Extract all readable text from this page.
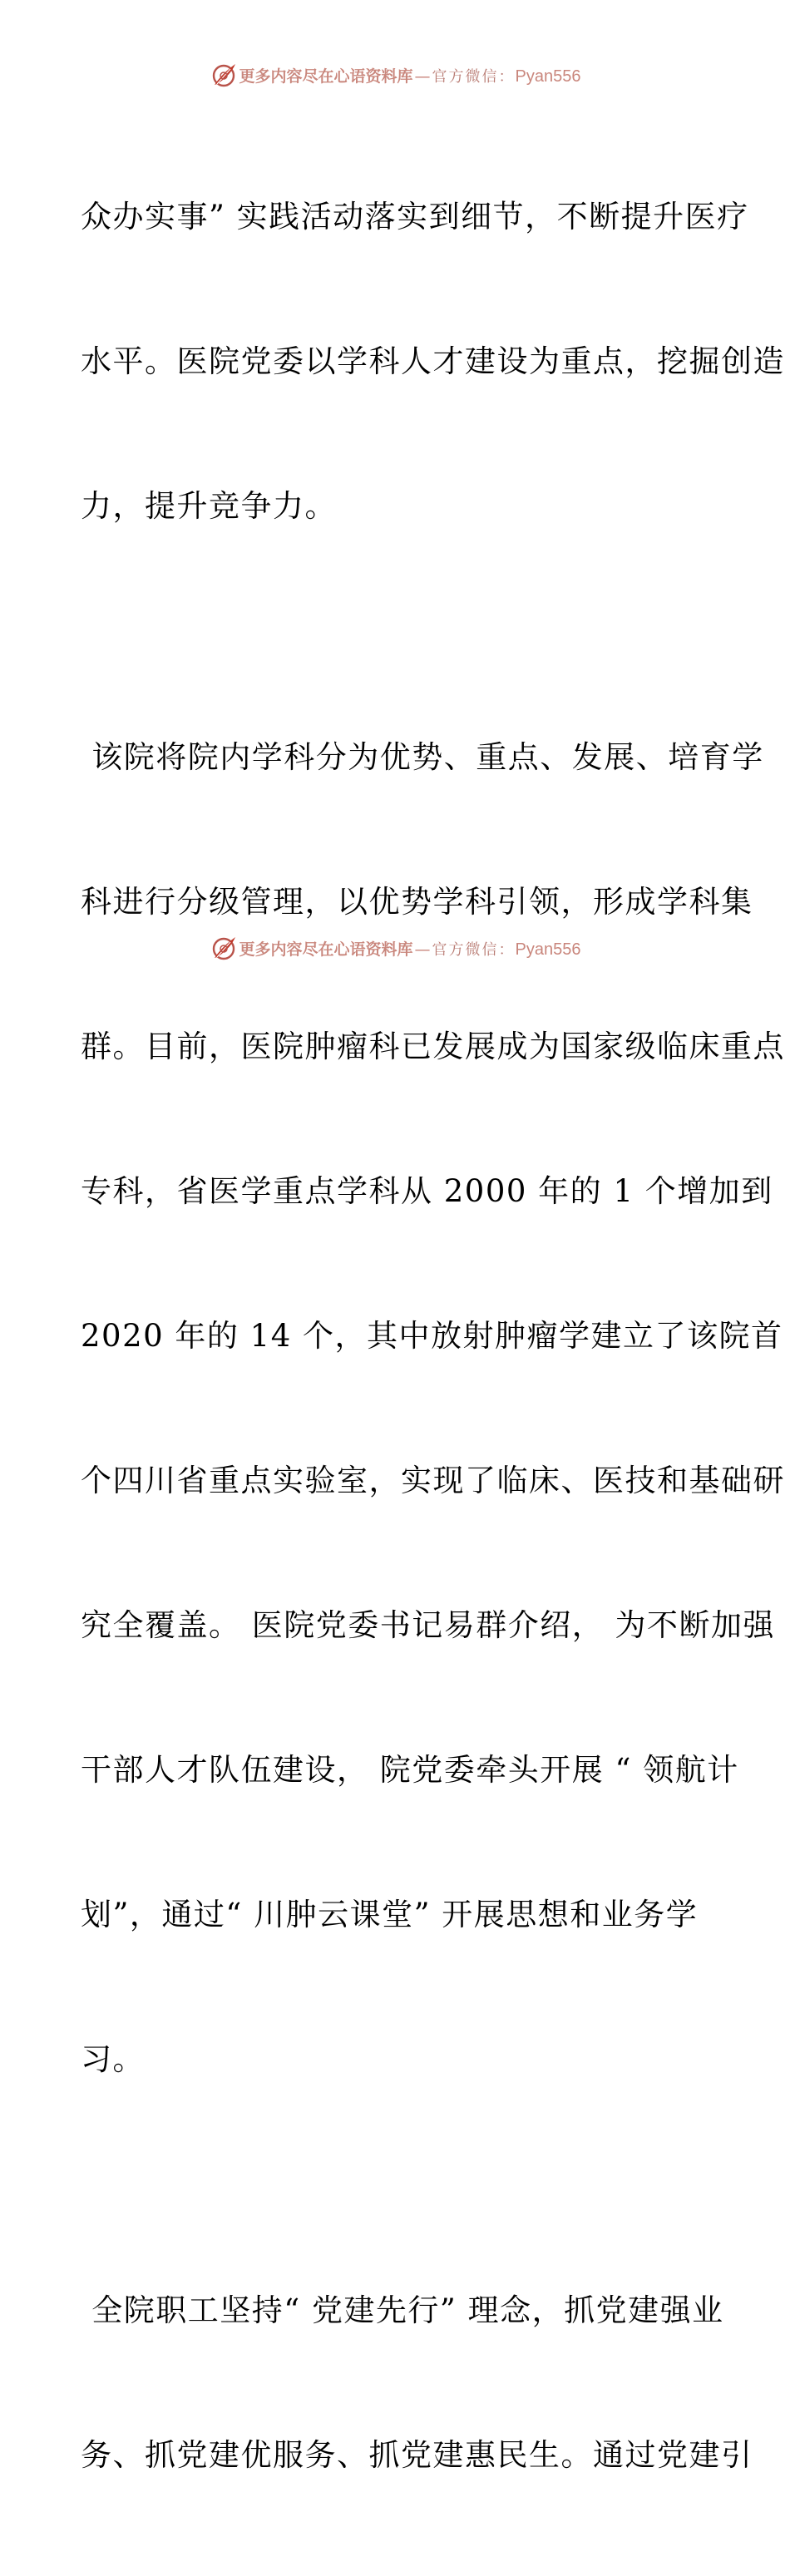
更多内容尽在心语资料库 — 官方微信： Pyan556

众办实事” 实践活动落实到细节，不断提升医疗

水平。医院党委以学科人才建设为重点，挖掘创造

力，提升竞争力。

该院将院内学科分为优势、重点、发展、培育学

科进行分级管理，以优势学科引领，形成学科集

群。目前，医院肿瘤科已发展成为国家级临床重点

专科，省医学重点学科从 2000 年的 1 个增加到

2020 年的 14 个，其中放射肿瘤学建立了该院首

个四川省重点实验室，实现了临床、医技和基础研

究全覆盖。 医院党委书记易群介绍， 为不断加强

干部人才队伍建设， 院党委牵头开展 “ 领航计

划”，通过“ 川肿云课堂” 开展思想和业务学

习。

全院职工坚持“ 党建先行” 理念，抓党建强业

务、抓党建优服务、抓党建惠民生。通过党建引

更多内容尽在心语资料库 — 官方微信： Pyan556
